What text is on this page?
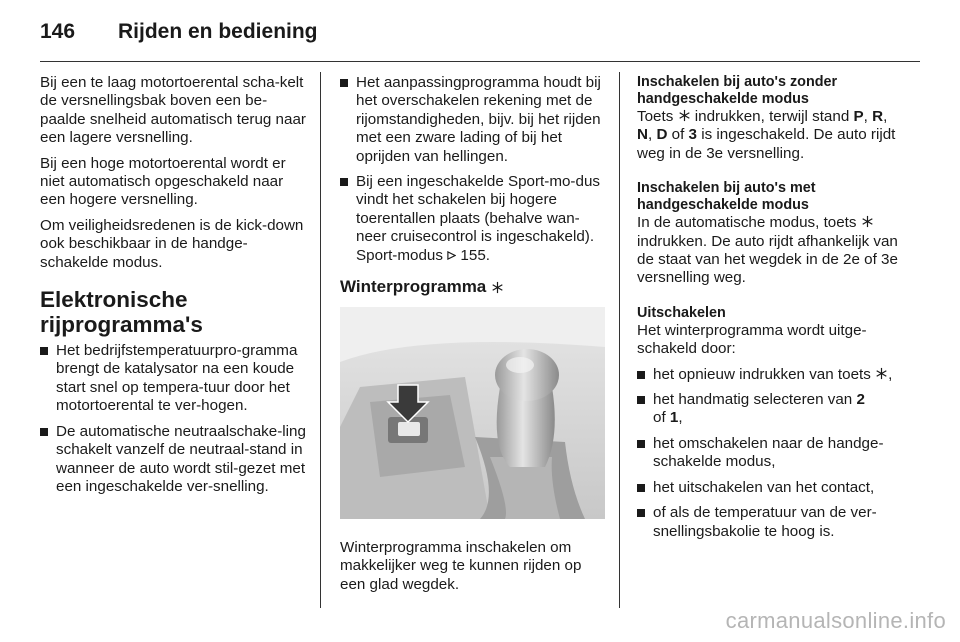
146	Rijden en bediening

Bij een te laag motortoerental scha-kelt de versnellingsbak boven een be-paalde snelheid automatisch terug naar een lagere versnelling.

Bij een hoge motortoerental wordt er niet automatisch opgeschakeld naar een hogere versnelling.

Om veiligheidsredenen is de kick-down ook beschikbaar in de handge-schakelde modus.

Elektronische rijprogramma's
Het bedrijfstemperatuurpro-gramma brengt de katalysator na een koude start snel op tempera-tuur door het motortoerental te ver-hogen.
De automatische neutraalschake-ling schakelt vanzelf de neutraal-stand in wanneer de auto wordt stil-gezet met een ingeschakelde ver-snelling.
Het aanpassingprogramma houdt bij het overschakelen rekening met de rijomstandigheden, bijv. bij het rijden met een zware lading of bij het oprijden van hellingen.
Bij een ingeschakelde Sport-mo-dus vindt het schakelen bij hogere toerentallen plaats (behalve wan-neer cruisecontrol is ingeschakeld). Sport-modus 155.
Winterprogramma

Winterprogramma inschakelen om makkelijker weg te kunnen rijden op een glad wegdek.

Inschakelen bij auto's zonder handgeschakelde modus

Toets indrukken, terwijl stand P, R, N, D of 3 is ingeschakeld. De auto rijdt weg in de 3e versnelling.

Inschakelen bij auto's met handgeschakelde modus

In de automatische modus, toets
indrukken. De auto rijdt afhankelijk van de staat van het wegdek in de 2e of 3e versnelling weg.

Uitschakelen

Het winterprogramma wordt uitge-schakeld door:

het opnieuw indrukken van toets ,
het handmatig selecteren van 2
of 1,
het omschakelen naar de handge-schakelde modus,
het uitschakelen van het contact,
of als de temperatuur van de ver-snellingsbakolie te hoog is.
carmanualsonline.info
